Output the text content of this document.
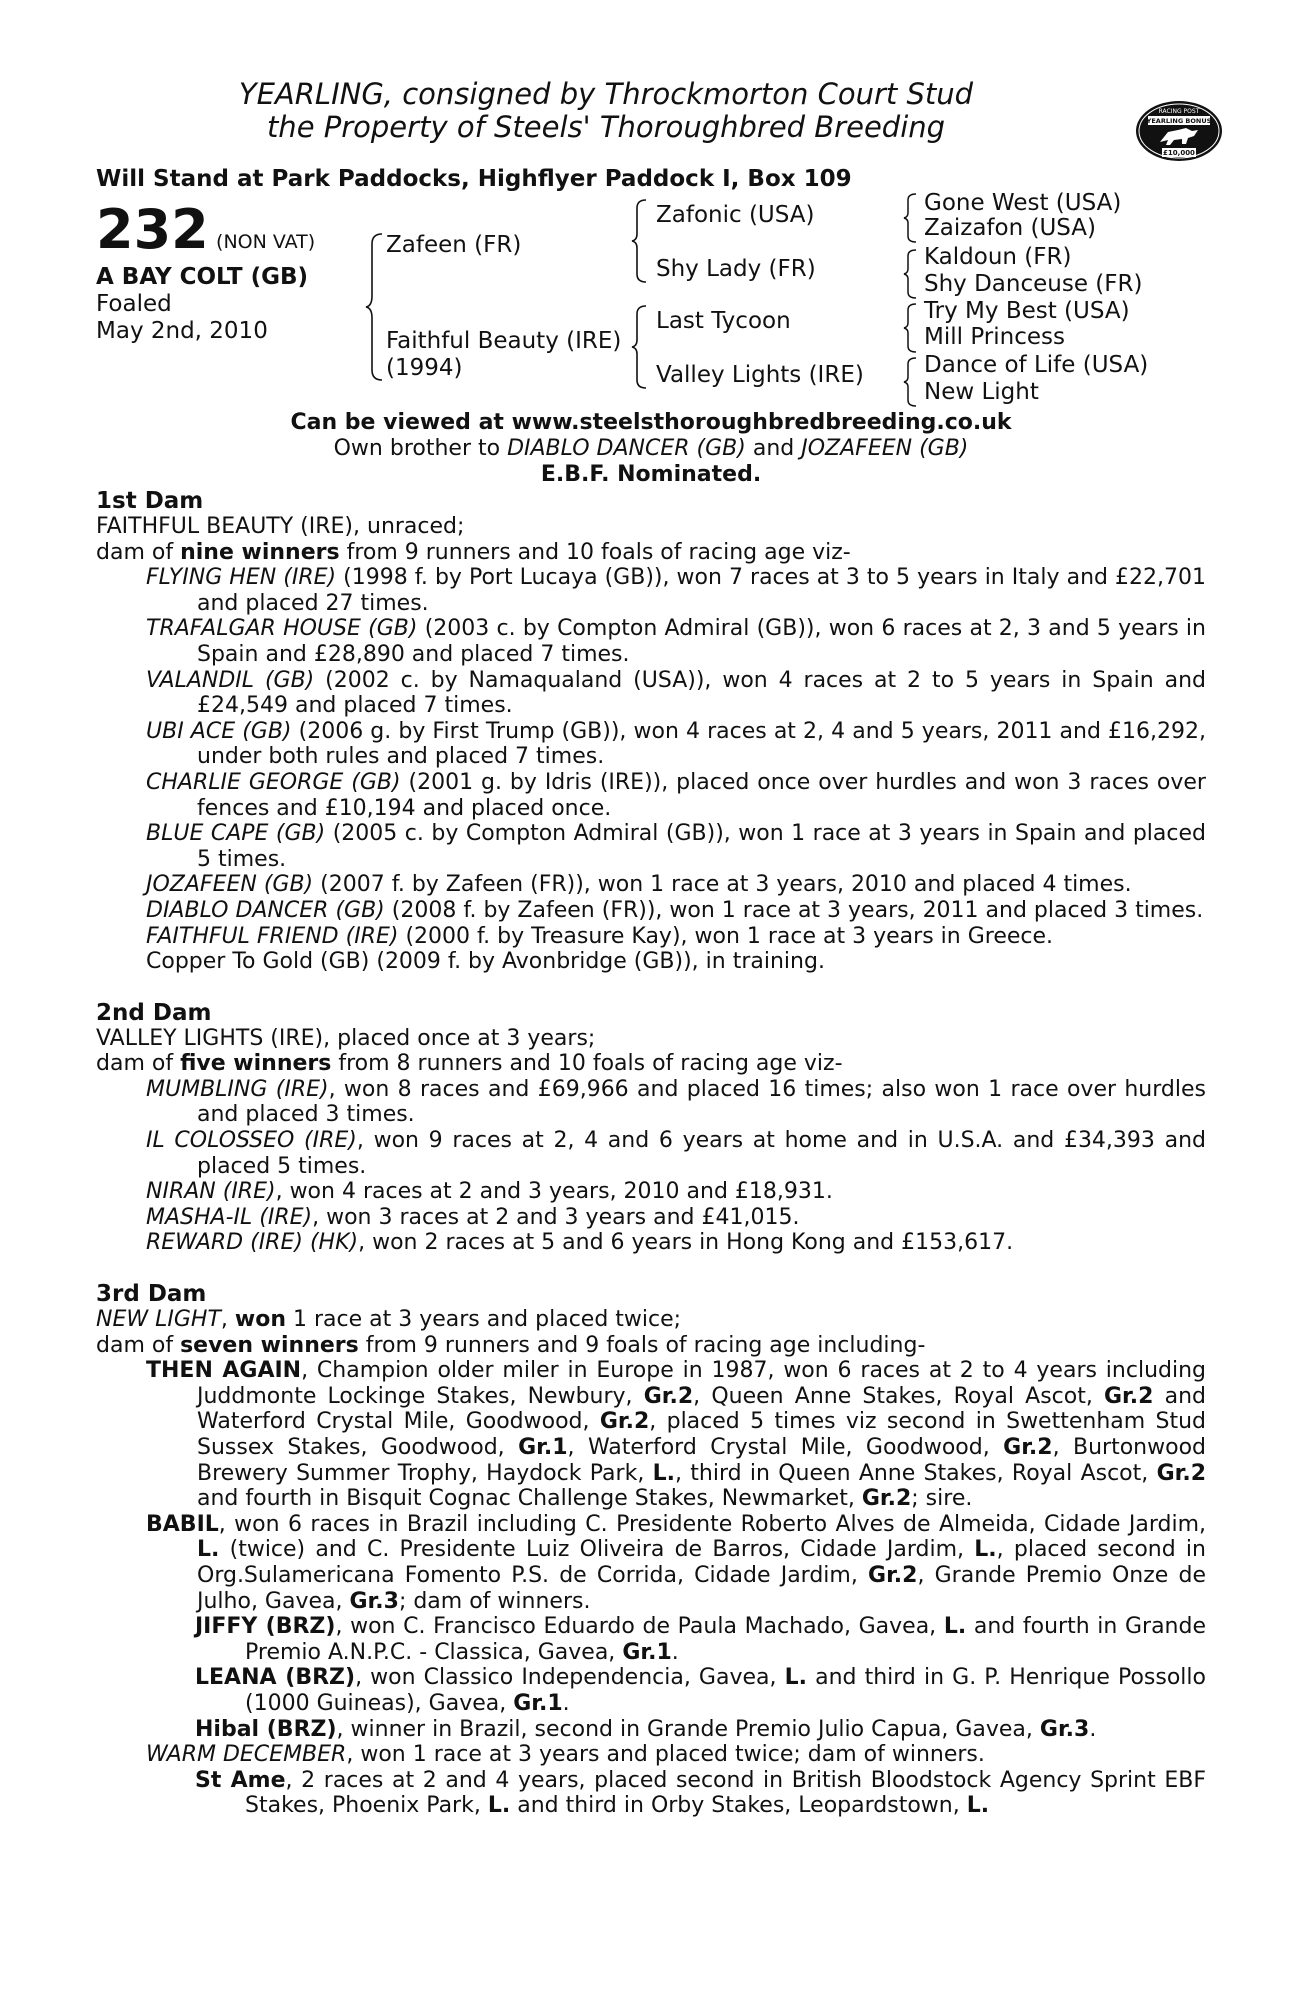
YEARLING, consigned by Throckmorton Court Stud
the Property of Steels' Thoroughbred Breeding	RACING POST
YEARLING BONUS
£10,000
Will Stand at Park Paddocks, Highflyer Paddock I, Box 109
232 (NON VAT)
A BAY COLT (GB)
Foaled
May 2nd, 2010
Zafeen (FR)
Faithful Beauty (IRE)
(1994)
Zafonic (USA)
Shy Lady (FR)
Last Tycoon
Valley Lights (IRE)
Gone West (USA)
Zaizafon (USA)
Kaldoun (FR)
Shy Danceuse (FR)
Try My Best (USA)
Mill Princess
Dance of Life (USA)
New Light
Can be viewed at www.steelsthoroughbredbreeding.co.uk
Own brother to DIABLO DANCER (GB) and JOZAFEEN (GB)
E.B.F. Nominated.
1st Dam

FAITHFUL BEAUTY (IRE), unraced;

dam of nine winners from 9 runners and 10 foals of racing age viz-

FLYING HEN (IRE) (1998 f. by Port Lucaya (GB)), won 7 races at 3 to 5 years in Italy and £22,701 and placed 27 times.

TRAFALGAR HOUSE (GB) (2003 c. by Compton Admiral (GB)), won 6 races at 2, 3 and 5 years in Spain and £28,890 and placed 7 times.

VALANDIL (GB) (2002 c. by Namaqualand (USA)), won 4 races at 2 to 5 years in Spain and £24,549 and placed 7 times.

UBI ACE (GB) (2006 g. by First Trump (GB)), won 4 races at 2, 4 and 5 years, 2011 and £16,292, under both rules and placed 7 times.

CHARLIE GEORGE (GB) (2001 g. by Idris (IRE)), placed once over hurdles and won 3 races over fences and £10,194 and placed once.

BLUE CAPE (GB) (2005 c. by Compton Admiral (GB)), won 1 race at 3 years in Spain and placed 5 times.

JOZAFEEN (GB) (2007 f. by Zafeen (FR)), won 1 race at 3 years, 2010 and placed 4 times.

DIABLO DANCER (GB) (2008 f. by Zafeen (FR)), won 1 race at 3 years, 2011 and placed 3 times.

FAITHFUL FRIEND (IRE) (2000 f. by Treasure Kay), won 1 race at 3 years in Greece.

Copper To Gold (GB) (2009 f. by Avonbridge (GB)), in training.

2nd Dam

VALLEY LIGHTS (IRE), placed once at 3 years;

dam of five winners from 8 runners and 10 foals of racing age viz-

MUMBLING (IRE), won 8 races and £69,966 and placed 16 times; also won 1 race over hurdles and placed 3 times.

IL COLOSSEO (IRE), won 9 races at 2, 4 and 6 years at home and in U.S.A. and £34,393 and placed 5 times.

NIRAN (IRE), won 4 races at 2 and 3 years, 2010 and £18,931.

MASHA-IL (IRE), won 3 races at 2 and 3 years and £41,015.

REWARD (IRE) (HK), won 2 races at 5 and 6 years in Hong Kong and £153,617.

3rd Dam

NEW LIGHT, won 1 race at 3 years and placed twice;

dam of seven winners from 9 runners and 9 foals of racing age including-

THEN AGAIN, Champion older miler in Europe in 1987, won 6 races at 2 to 4 years including Juddmonte Lockinge Stakes, Newbury, Gr.2, Queen Anne Stakes, Royal Ascot, Gr.2 and Waterford Crystal Mile, Goodwood, Gr.2, placed 5 times viz second in Swettenham Stud Sussex Stakes, Goodwood, Gr.1, Waterford Crystal Mile, Goodwood, Gr.2, Burtonwood Brewery Summer Trophy, Haydock Park, L., third in Queen Anne Stakes, Royal Ascot, Gr.2 and fourth in Bisquit Cognac Challenge Stakes, Newmarket, Gr.2; sire.

BABIL, won 6 races in Brazil including C. Presidente Roberto Alves de Almeida, Cidade Jardim, L. (twice) and C. Presidente Luiz Oliveira de Barros, Cidade Jardim, L., placed second in Org.Sulamericana Fomento P.S. de Corrida, Cidade Jardim, Gr.2, Grande Premio Onze de Julho, Gavea, Gr.3; dam of winners.

JIFFY (BRZ), won C. Francisco Eduardo de Paula Machado, Gavea, L. and fourth in Grande Premio A.N.P.C. - Classica, Gavea, Gr.1.

LEANA (BRZ), won Classico Independencia, Gavea, L. and third in G. P. Henrique Possollo (1000 Guineas), Gavea, Gr.1.

Hibal (BRZ), winner in Brazil, second in Grande Premio Julio Capua, Gavea, Gr.3.

WARM DECEMBER, won 1 race at 3 years and placed twice; dam of winners.

St Ame, 2 races at 2 and 4 years, placed second in British Bloodstock Agency Sprint EBF Stakes, Phoenix Park, L. and third in Orby Stakes, Leopardstown, L.
